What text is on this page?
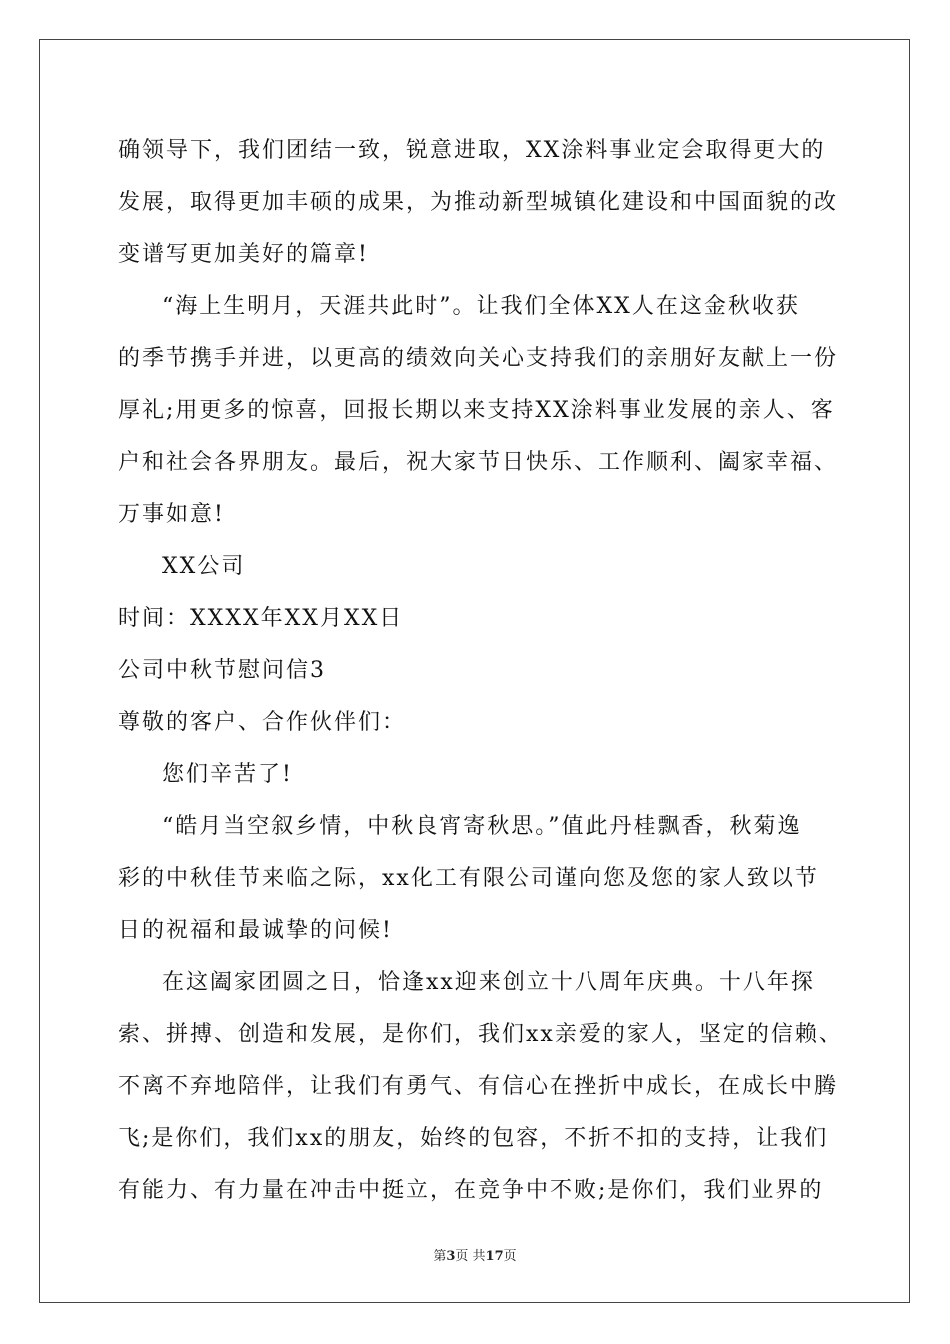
确领导下，我们团结一致，锐意进取，XX涂料事业定会取得更大的
发展，取得更加丰硕的成果，为推动新型城镇化建设和中国面貌的改
变谱写更加美好的篇章!
“海上生明月，天涯共此时”。让我们全体XX人在这金秋收获
的季节携手并进，以更高的绩效向关心支持我们的亲朋好友献上一份
厚礼;用更多的惊喜，回报长期以来支持XX涂料事业发展的亲人、客
户和社会各界朋友。最后，祝大家节日快乐、工作顺利、阖家幸福、
万事如意!
XX公司
时间：XXXX年XX月XX日
公司中秋节慰问信3
尊敬的客户、合作伙伴们：
您们辛苦了!
“皓月当空叙乡情，中秋良宵寄秋思。”值此丹桂飘香，秋菊逸
彩的中秋佳节来临之际，xx化工有限公司谨向您及您的家人致以节
日的祝福和最诚挚的问候!
在这阖家团圆之日，恰逢xx迎来创立十八周年庆典。十八年探
索、拼搏、创造和发展，是你们，我们xx亲爱的家人，坚定的信赖、
不离不弃地陪伴，让我们有勇气、有信心在挫折中成长，在成长中腾
飞;是你们，我们xx的朋友，始终的包容，不折不扣的支持，让我们
有能力、有力量在冲击中挺立，在竞争中不败;是你们，我们业界的
第3页 共17页
